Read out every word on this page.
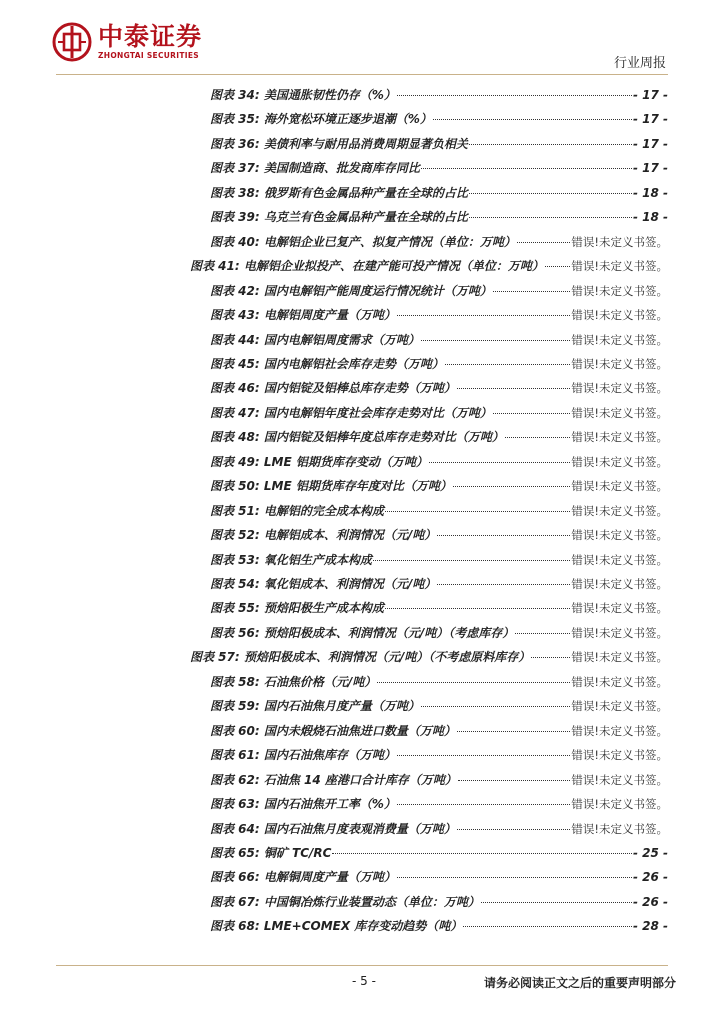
中泰证券
ZHONGTAI SECURITIES
行业周报
图表 34: 美国通胀韧性仍存（%）	- 17 -
图表 35: 海外宽松环境正逐步退潮（%）	- 17 -
图表 36: 美债利率与耐用品消费周期显著负相关	- 17 -
图表 37: 美国制造商、批发商库存同比	- 17 -
图表 38: 俄罗斯有色金属品种产量在全球的占比	- 18 -
图表 39: 乌克兰有色金属品种产量在全球的占比	- 18 -
图表 40: 电解铝企业已复产、拟复产情况（单位：万吨）	错误!未定义书签。
图表 41: 电解铝企业拟投产、在建产能可投产情况（单位：万吨） 错误!未定义书签。
图表 42: 国内电解铝产能周度运行情况统计（万吨）	错误!未定义书签。
图表 43: 电解铝周度产量（万吨）	错误!未定义书签。
图表 44: 国内电解铝周度需求（万吨）	错误!未定义书签。
图表 45: 国内电解铝社会库存走势（万吨）	错误!未定义书签。
图表 46: 国内铝锭及铝棒总库存走势（万吨）	错误!未定义书签。
图表 47: 国内电解铝年度社会库存走势对比（万吨）	错误!未定义书签。
图表 48: 国内铝锭及铝棒年度总库存走势对比（万吨）	错误!未定义书签。
图表 49: LME 铝期货库存变动（万吨）	错误!未定义书签。
图表 50: LME 铝期货库存年度对比（万吨）	错误!未定义书签。
图表 51: 电解铝的完全成本构成	错误!未定义书签。
图表 52: 电解铝成本、利润情况（元/吨）	错误!未定义书签。
图表 53: 氧化铝生产成本构成	错误!未定义书签。
图表 54: 氧化铝成本、利润情况（元/吨）	错误!未定义书签。
图表 55: 预焙阳极生产成本构成	错误!未定义书签。
图表 56: 预焙阳极成本、利润情况（元/吨）（考虑库存）	错误!未定义书签。
图表 57: 预焙阳极成本、利润情况（元/吨）（不考虑原料库存）	错误!未定义书签。
图表 58: 石油焦价格（元/吨）	错误!未定义书签。
图表 59: 国内石油焦月度产量（万吨）	错误!未定义书签。
图表 60: 国内未煅烧石油焦进口数量（万吨）	错误!未定义书签。
图表 61: 国内石油焦库存（万吨）	错误!未定义书签。
图表 62: 石油焦 14 座港口合计库存（万吨）	错误!未定义书签。
图表 63: 国内石油焦开工率（%）	错误!未定义书签。
图表 64: 国内石油焦月度表观消费量（万吨）	错误!未定义书签。
图表 65: 铜矿 TC/RC	- 25 -
图表 66: 电解铜周度产量（万吨）	- 26 -
图表 67: 中国铜冶炼行业装置动态（单位：万吨）	- 26 -
图表 68: LME+COMEX 库存变动趋势（吨）	- 28 -
- 5 -	请务必阅读正文之后的重要声明部分
